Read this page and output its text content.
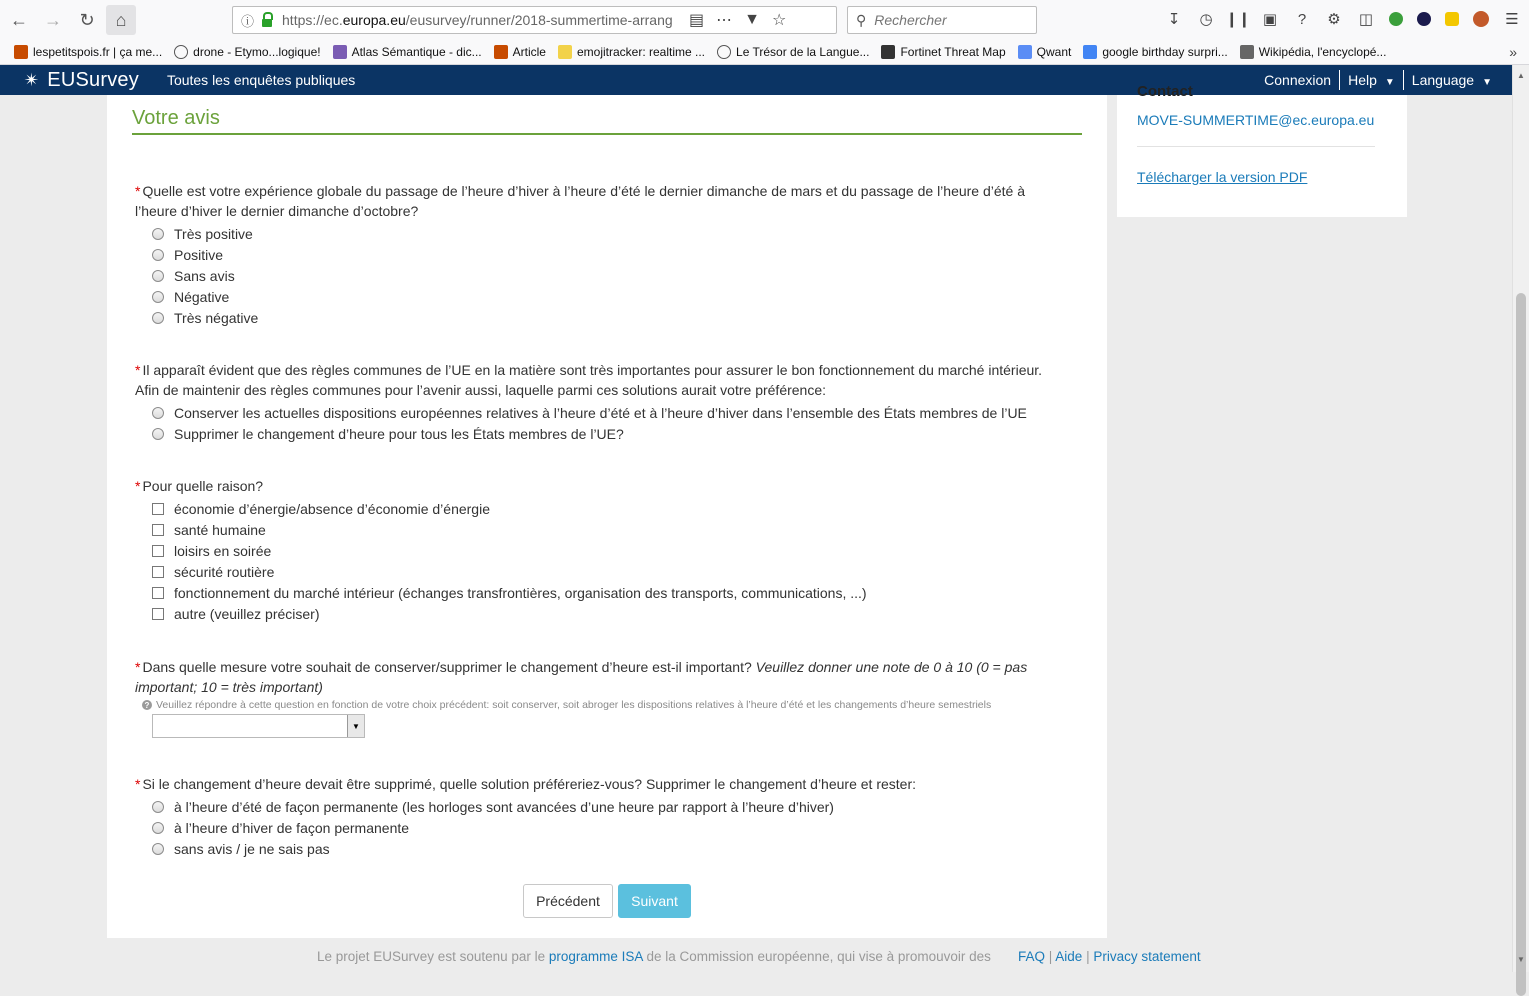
← → ↻	⌂	ⓘ https://ec.europa.eu/eusurvey/runner/2018-summertime-arrang ▤ ⋯ ▼ ☆	⚲
Rechercher	↧ ◷ ❙❙ ▣	?	⚙ ◫	☰
lespetitspois.fr | ça me...	drone - Etymo...logique!	Atlas Sémantique - dic...	Article	emojitracker: realtime ...	Le Trésor de la Langue...	Fortinet Threat Map	Qwant	google birthday surpri...	Wikipédia, l'encyclopé...	»
✴ EUSurvey Toutes les enquêtes publiques	Connexion Help ▼ Language ▼
Votre avis
* Quelle est votre expérience globale du passage de l’heure d’hiver à l’heure d’été le dernier dimanche de mars et du passage de l’heure d’été à l’heure d’hiver le dernier dimanche d’octobre?
Très positive
Positive
Sans avis
Négative
Très négative
* Il apparaît évident que des règles communes de l’UE en la matière sont très importantes pour assurer le bon fonctionnement du marché intérieur. Afin de maintenir des règles communes pour l’avenir aussi, laquelle parmi ces solutions aurait votre préférence:
Conserver les actuelles dispositions européennes relatives à l’heure d’été et à l’heure d’hiver dans l’ensemble des États membres de l’UE
Supprimer le changement d’heure pour tous les États membres de l’UE?
* Pour quelle raison?
économie d’énergie/absence d’économie d’énergie
santé humaine
loisirs en soirée
sécurité routière
fonctionnement du marché intérieur (échanges transfrontières, organisation des transports, communications, ...)
autre (veuillez préciser)
* Dans quelle mesure votre souhait de conserver/supprimer le changement d’heure est-il important? Veuillez donner une note de 0 à 10 (0 = pas important; 10 = très important)
? Veuillez répondre à cette question en fonction de votre choix précédent: soit conserver, soit abroger les dispositions relatives à l’heure d’été et les changements d’heure semestriels
▼
* Si le changement d’heure devait être supprimé, quelle solution préféreriez-vous? Supprimer le changement d’heure et rester:
à l’heure d’été de façon permanente (les horloges sont avancées d’une heure par rapport à l’heure d’hiver)
à l’heure d’hiver de façon permanente
sans avis / je ne sais pas
Précédent	Suivant
Contact
MOVE-SUMMERTIME@ec.europa.eu
Télécharger la version PDF
Le projet EUSurvey est soutenu par le programme ISA de la Commission européenne, qui vise à promouvoir des FAQ | Aide | Privacy statement
▲
▼
